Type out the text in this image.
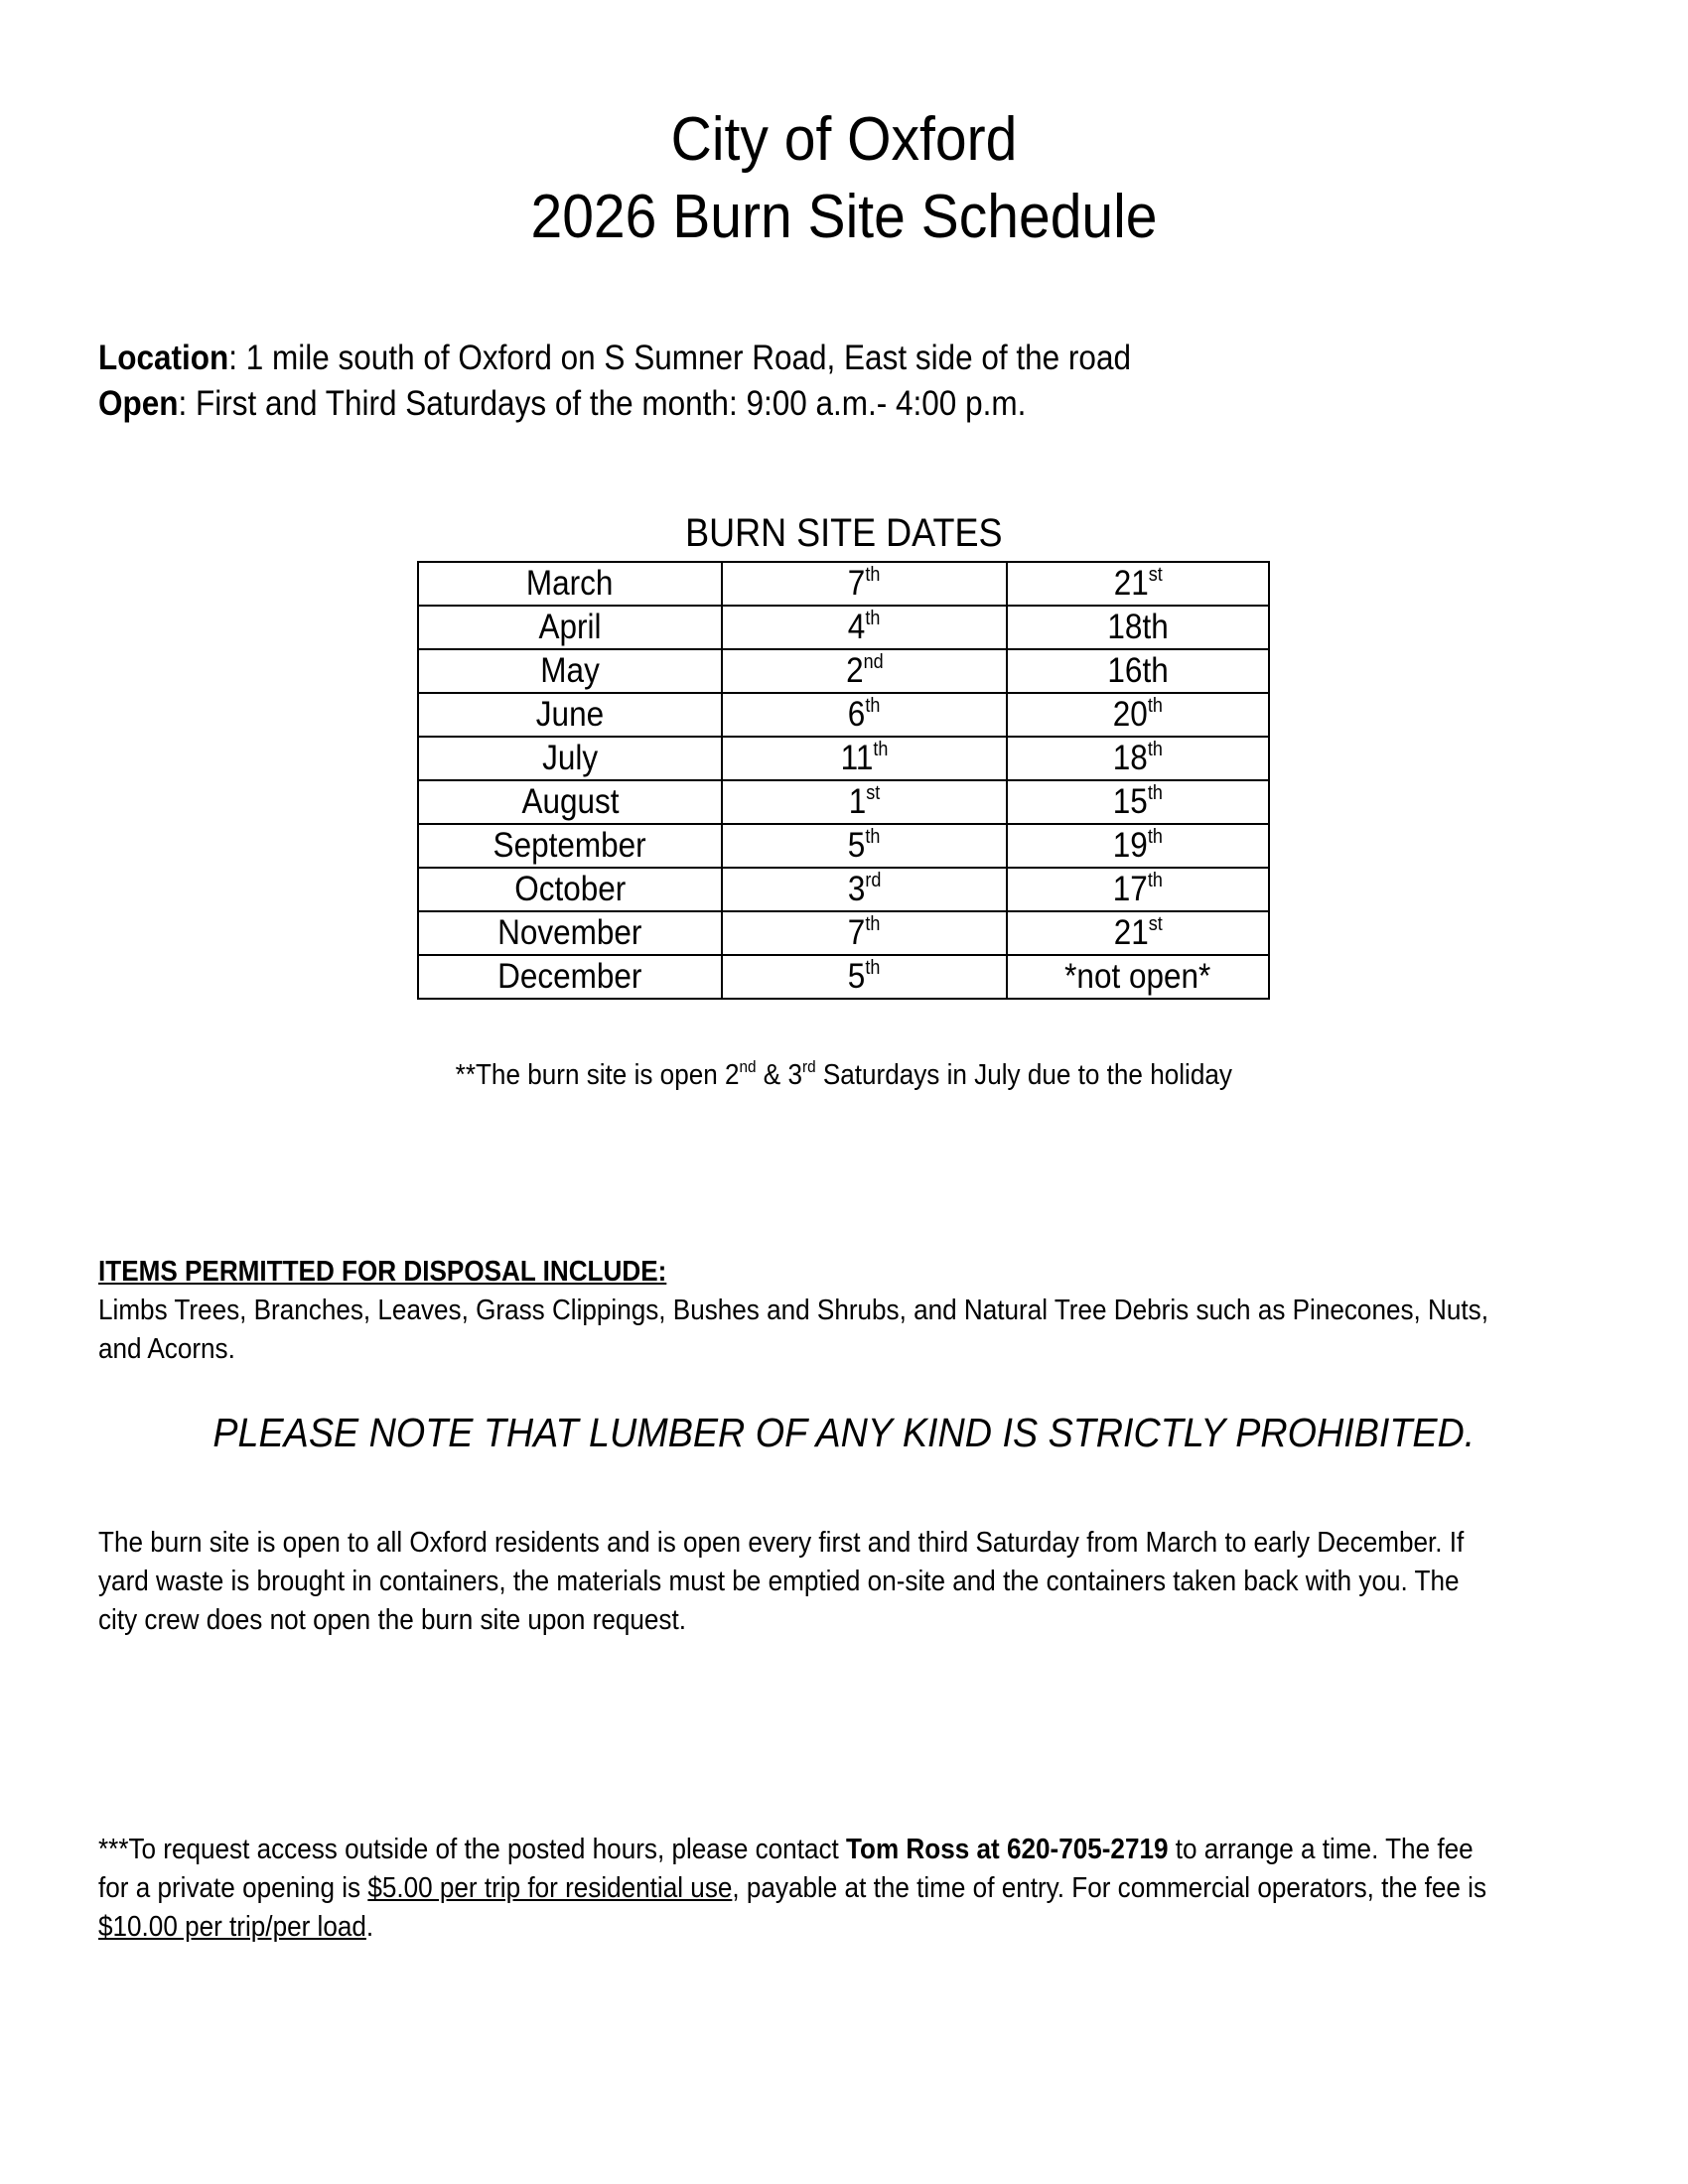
City of Oxford
2026 Burn Site Schedule
Location: 1 mile south of Oxford on S Sumner Road, East side of the road
Open: First and Third Saturdays of the month: 9:00 a.m.- 4:00 p.m.
BURN SITE DATES
March	7th	21st
April	4th	18th
May	2nd	16th
June	6th	20th
July	11th	18th
August	1st	15th
September	5th	19th
October	3rd	17th
November	7th	21st
December	5th	*not open*
**The burn site is open 2nd & 3rd Saturdays in July due to the holiday
ITEMS PERMITTED FOR DISPOSAL INCLUDE:
Limbs Trees, Branches, Leaves, Grass Clippings, Bushes and Shrubs, and Natural Tree Debris such as Pinecones, Nuts, and Acorns.
PLEASE NOTE THAT LUMBER OF ANY KIND IS STRICTLY PROHIBITED.
The burn site is open to all Oxford residents and is open every first and third Saturday from March to early December. If yard waste is brought in containers, the materials must be emptied on-site and the containers taken back with you. The city crew does not open the burn site upon request.
***To request access outside of the posted hours, please contact Tom Ross at 620-705-2719 to arrange a time. The fee for a private opening is $5.00 per trip for residential use, payable at the time of entry. For commercial operators, the fee is $10.00 per trip/per load.
